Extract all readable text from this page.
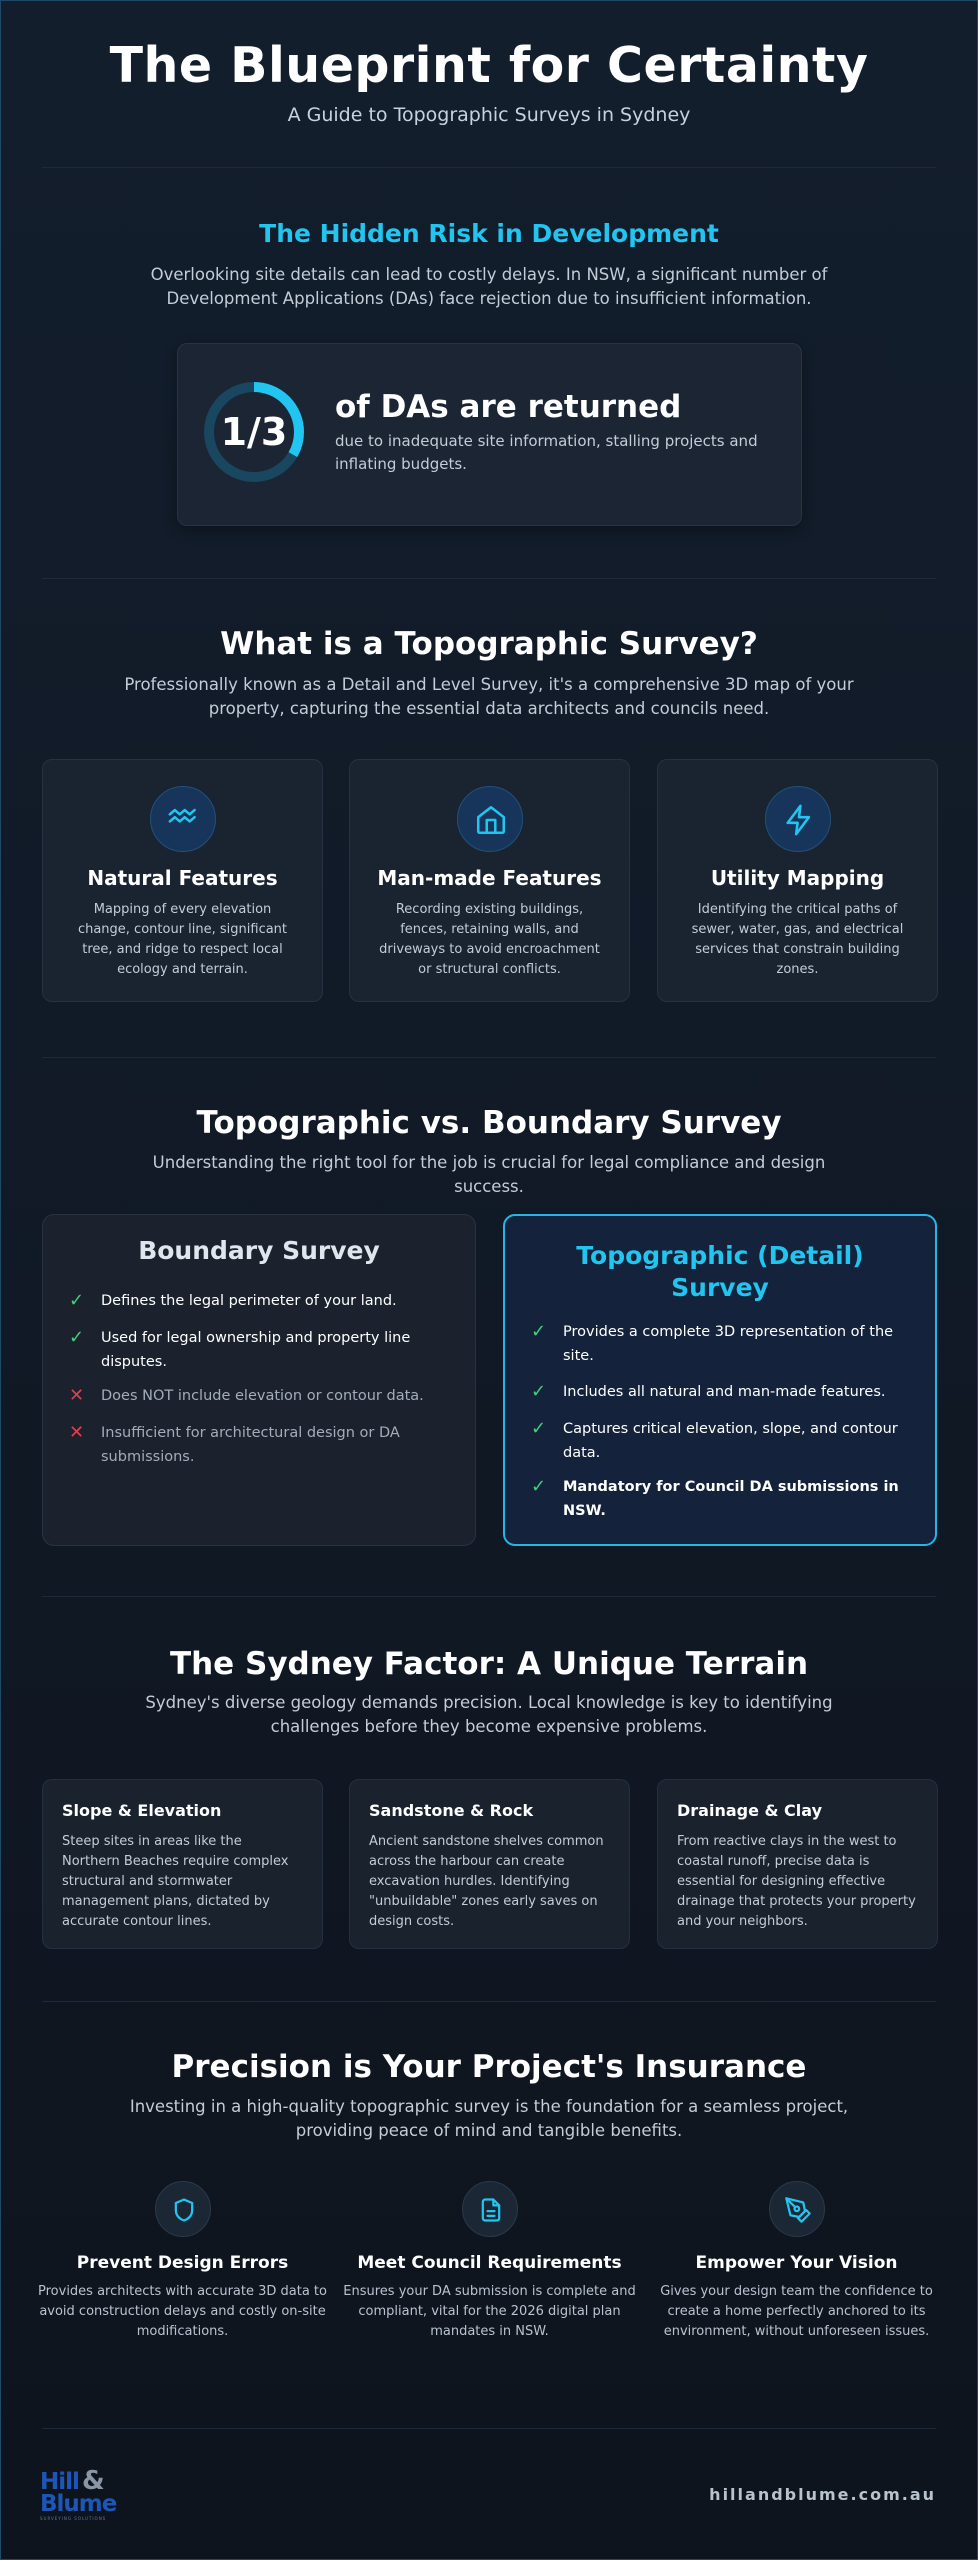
The Blueprint for Certainty
A Guide to Topographic Surveys in Sydney
The Hidden Risk in Development
Overlooking site details can lead to costly delays. In NSW, a significant number of Development Applications (DAs) face rejection due to insufficient information.
1/3
of DAs are returned
due to inadequate site information, stalling projects and inflating budgets.
What is a Topographic Survey?
Professionally known as a Detail and Level Survey, it's a comprehensive 3D map of your property, capturing the essential data architects and councils need.
Natural Features
Mapping of every elevation change, contour line, significant tree, and ridge to respect local ecology and terrain.
Man-made Features
Recording existing buildings, fences, retaining walls, and driveways to avoid encroachment or structural conflicts.
Utility Mapping
Identifying the critical paths of sewer, water, gas, and electrical services that constrain building zones.
Topographic vs. Boundary Survey
Understanding the right tool for the job is crucial for legal compliance and design success.
Boundary Survey
✓ Defines the legal perimeter of your land.
✓ Used for legal ownership and property line disputes.
✕ Does NOT include elevation or contour data.
✕ Insufficient for architectural design or DA submissions.
Topographic (Detail) Survey
✓ Provides a complete 3D representation of the site.
✓ Includes all natural and man-made features.
✓ Captures critical elevation, slope, and contour data.
✓ Mandatory for Council DA submissions in NSW.
The Sydney Factor: A Unique Terrain
Sydney's diverse geology demands precision. Local knowledge is key to identifying challenges before they become expensive problems.
Slope & Elevation
Steep sites in areas like the Northern Beaches require complex structural and stormwater management plans, dictated by accurate contour lines.
Sandstone & Rock
Ancient sandstone shelves common across the harbour can create excavation hurdles. Identifying "unbuildable" zones early saves on design costs.
Drainage & Clay
From reactive clays in the west to coastal runoff, precise data is essential for designing effective drainage that protects your property and your neighbors.
Precision is Your Project's Insurance
Investing in a high-quality topographic survey is the foundation for a seamless project, providing peace of mind and tangible benefits.
Prevent Design Errors
Provides architects with accurate 3D data to avoid construction delays and costly on-site modifications.
Meet Council Requirements
Ensures your DA submission is complete and compliant, vital for the 2026 digital plan mandates in NSW.
Empower Your Vision
Gives your design team the confidence to create a home perfectly anchored to its environment, without unforeseen issues.
Hill &
Blume
SURVEYING SOLUTIONS
hillandblume.com.au
